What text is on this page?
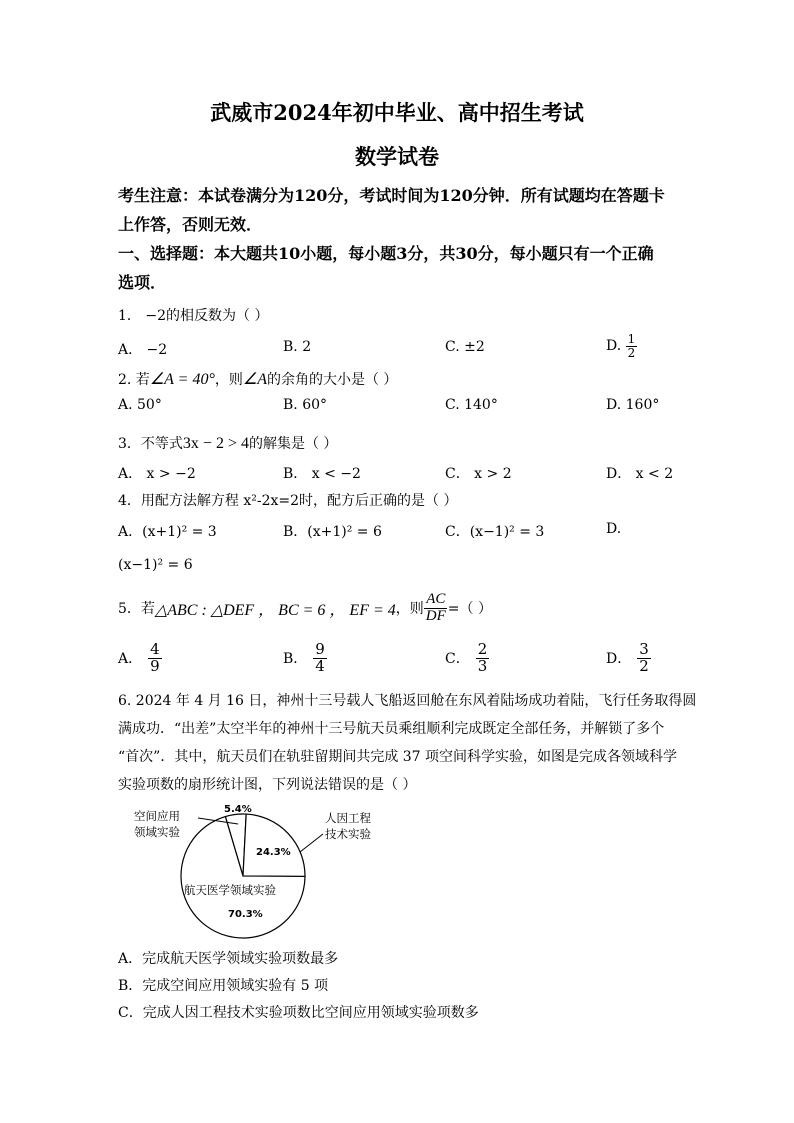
武威市2024年初中毕业、高中招生考试
数学试卷
考生注意：本试卷满分为120分，考试时间为120分钟．所有试题均在答题卡
上作答，否则无效．
一、选择题：本大题共10小题，每小题3分，共30分，每小题只有一个正确
选项．
1． −2的相反数为（ ）
A． −2	B. 2	C. ±2	D. $\frac{1}{2}$
2. 若∠A = 40°，则∠A的余角的大小是（ ）
A. 50°	B. 60°	C. 140°	D. 160°
3．不等式3x − 2 > 4的解集是（ ）
A． x > −2	B． x < −2	C． x > 2	D． x < 2
4．用配方法解方程 x²-2x=2时，配方后正确的是（ ）
A．(x+1)² = 3	B．(x+1)² = 6	C．(x−1)² = 3	D.
(x−1)² = 6
5．若 △ABC : △DEF ， BC = 6 ， EF = 4 ，则 $\frac{AC}{DF}$ =（ ）
A． $\frac{4}{9}$	B． $\frac{9}{4}$	C． $\frac{2}{3}$	D． $\frac{3}{2}$
6. 2024 年 4 月 16 日，神州十三号载人飞船返回舱在东风着陆场成功着陆，飞行任务取得圆
满成功．“出差”太空半年的神州十三号航天员乘组顺利完成既定全部任务，并解锁了多个
“首次”．其中，航天员们在轨驻留期间共完成 37 项空间科学实验，如图是完成各领域科学
实验项数的扇形统计图，下列说法错误的是（ ）
空间应用
领域实验
5.4%
人因工程
技术实验
24.3%
航天医学领域实验
70.3%
A．完成航天医学领域实验项数最多
B．完成空间应用领域实验有 5 项
C．完成人因工程技术实验项数比空间应用领域实验项数多
